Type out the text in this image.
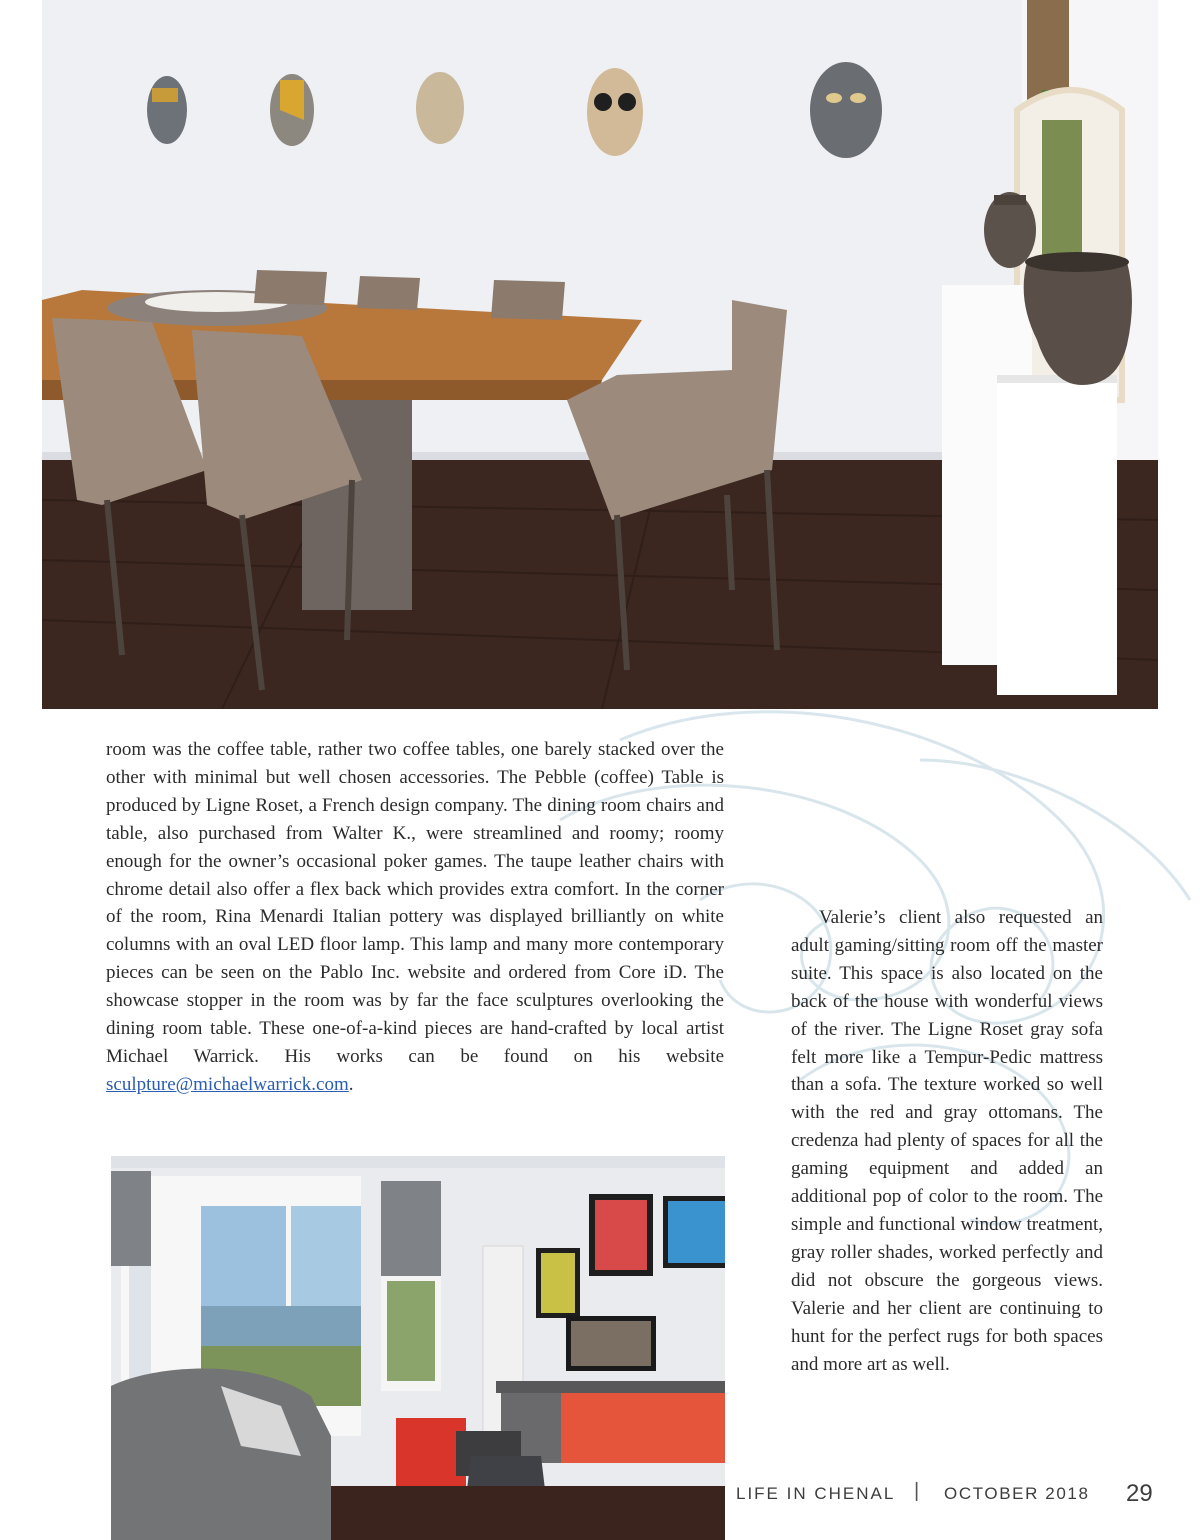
room was the coffee table, rather two coffee tables, one barely stacked over the other with minimal but well chosen accessories. The Pebble (coffee) Table is produced by Ligne Roset, a French design company. The dining room chairs and table, also purchased from Walter K., were streamlined and roomy; roomy enough for the owner’s occasional poker games. The taupe leather chairs with chrome detail also offer a flex back which provides extra comfort. In the corner of the room, Rina Menardi Italian pottery was displayed brilliantly on white columns with an oval LED floor lamp. This lamp and many more contemporary pieces can be seen on the Pablo Inc. website and ordered from Core iD. The showcase stopper in the room was by far the face sculptures overlooking the dining room table. These one-of-a-kind pieces are hand-crafted by local artist Michael Warrick. His works can be found on his website sculpture@michaelwarrick.com.

Valerie’s client also requested an adult gaming/sitting room off the master suite. This space is also located on the back of the house with wonderful views of the river. The Ligne Roset gray sofa felt more like a Tempur-Pedic mattress than a sofa. The texture worked so well with the red and gray ottomans. The credenza had plenty of spaces for all the gaming equipment and added an additional pop of color to the room. The simple and functional window treatment, gray roller shades, worked perfectly and did not obscure the gorgeous views. Valerie and her client are continuing to hunt for the perfect rugs for both spaces and more art as well.

LIFE IN CHENAL | OCTOBER 2018 29
